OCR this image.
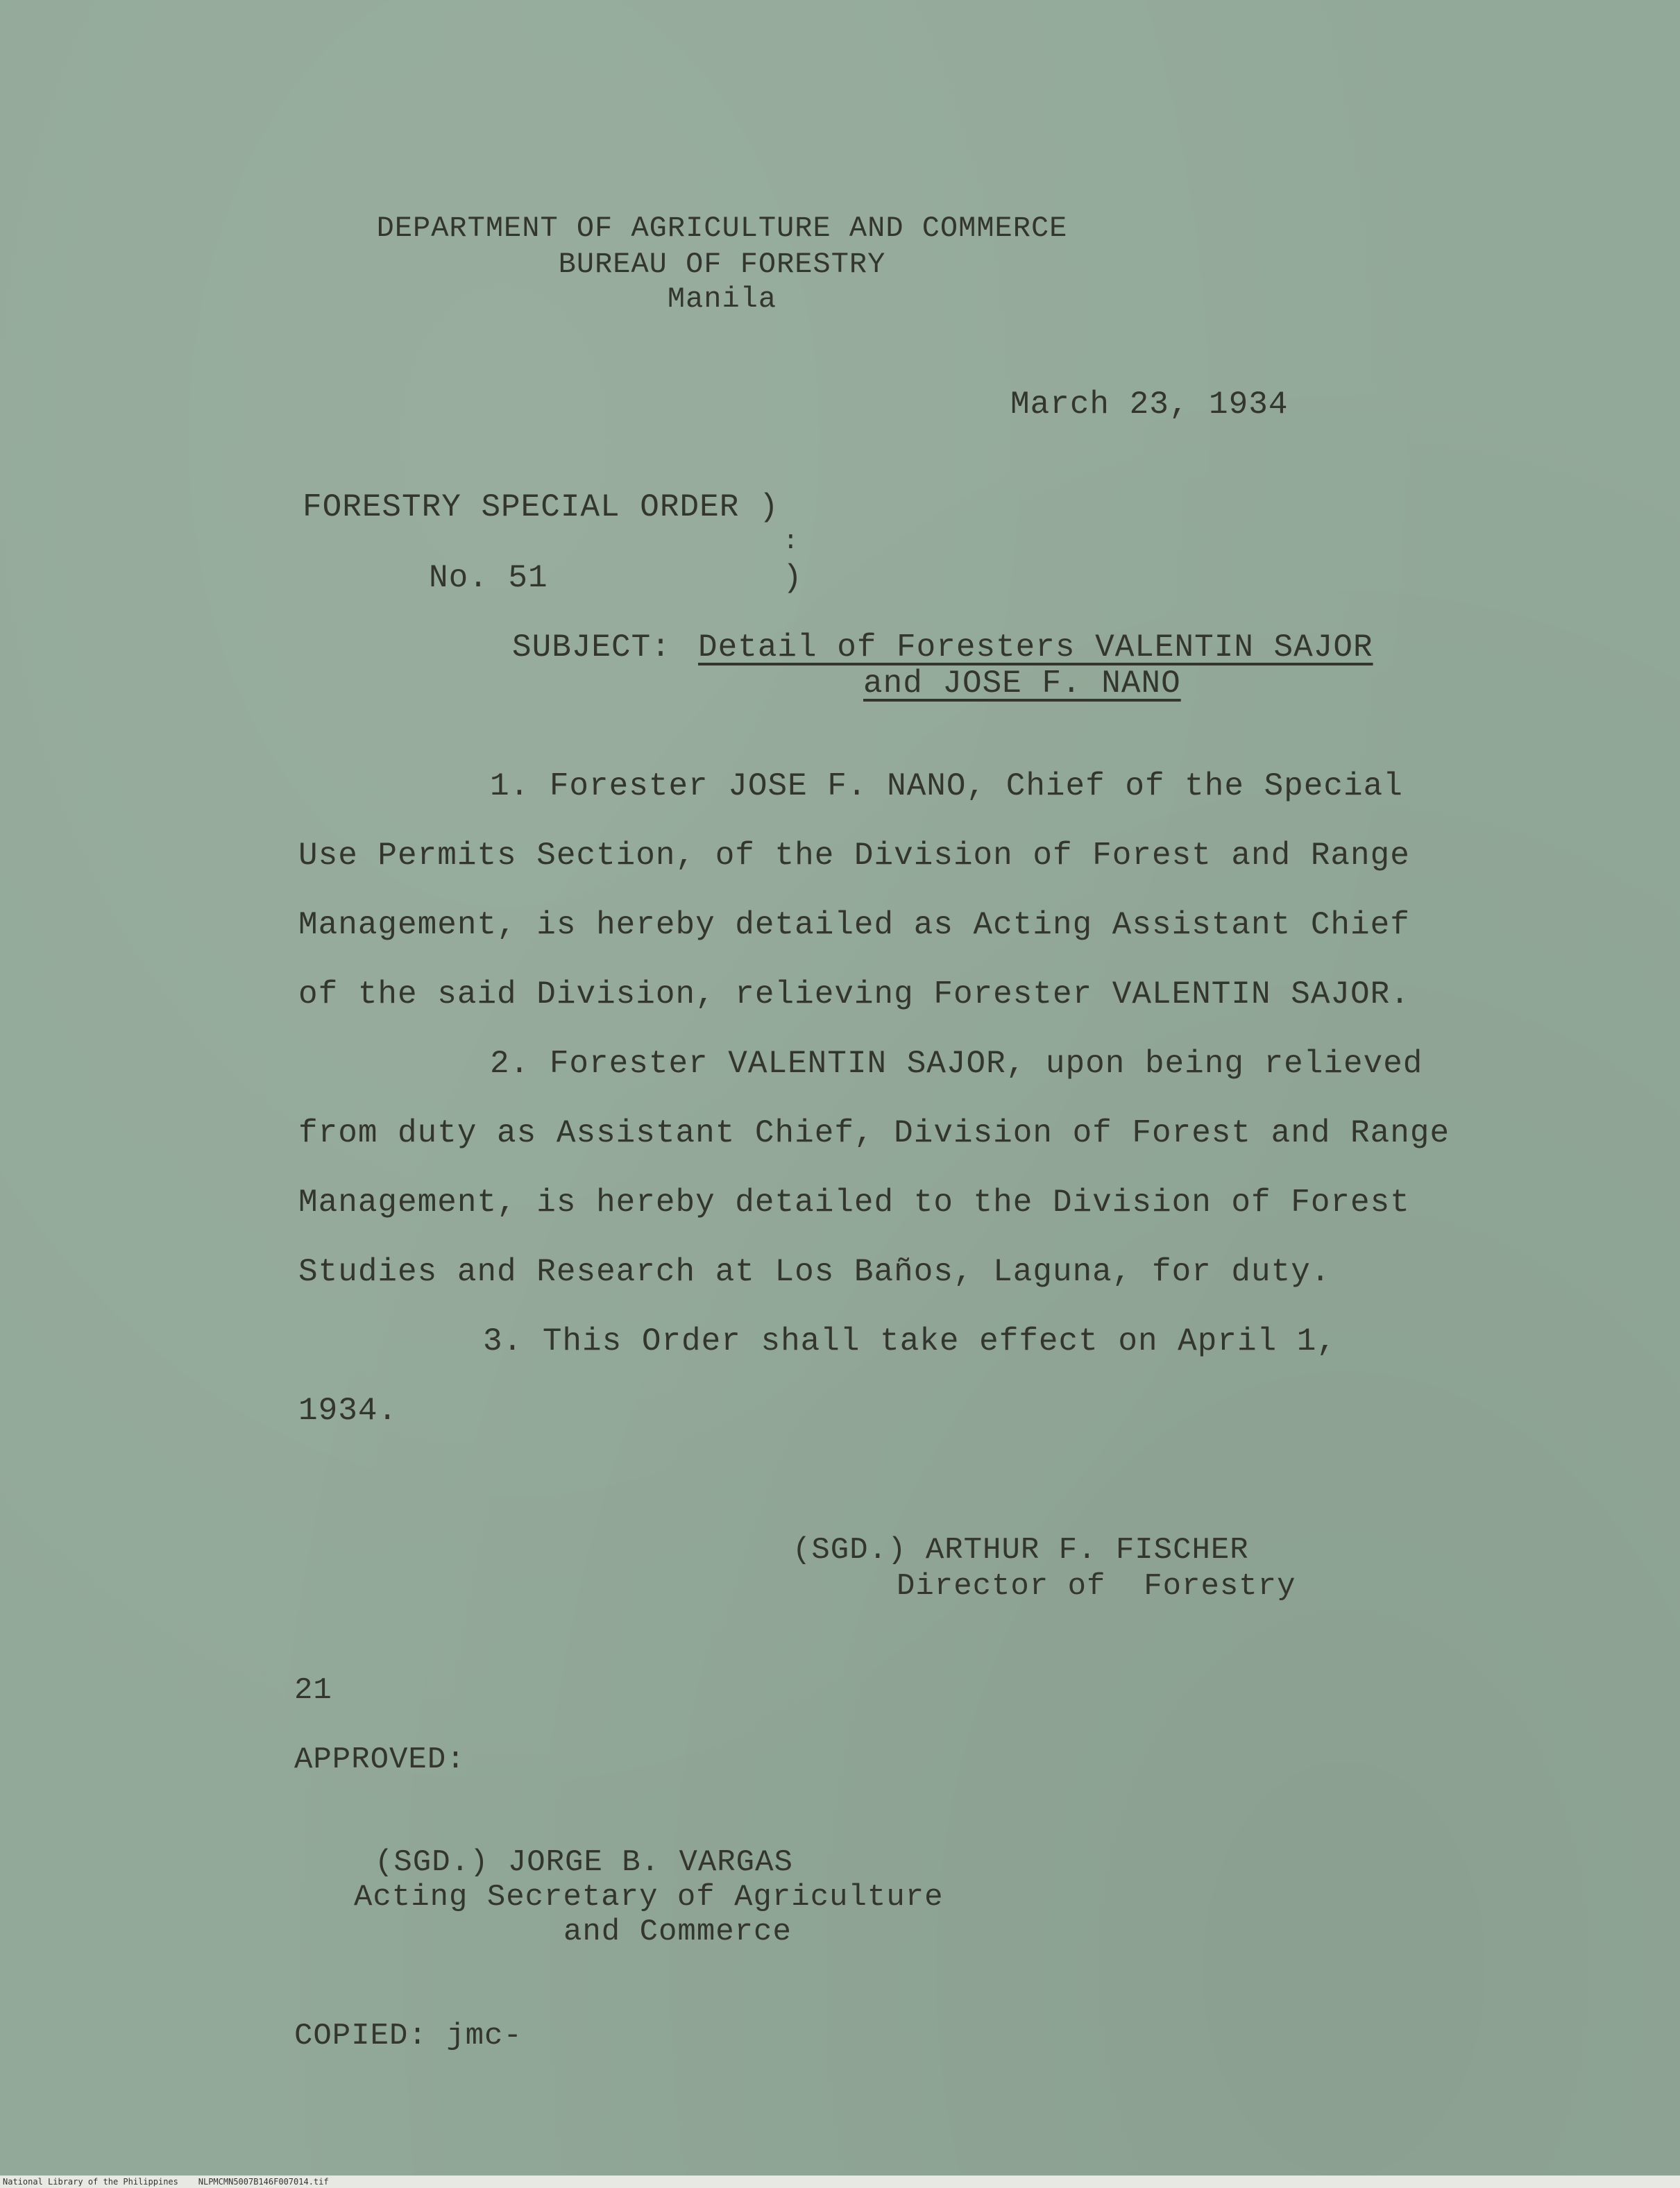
DEPARTMENT OF AGRICULTURE AND COMMERCE
BUREAU OF FORESTRY
Manila
March 23, 1934
FORESTRY SPECIAL ORDER )
:
No. 51	)
SUBJECT: Detail of Foresters VALENTIN SAJOR
and JOSE F. NANO
1. Forester JOSE F. NANO, Chief of the Special
Use Permits Section, of the Division of Forest and Range
Management, is hereby detailed as Acting Assistant Chief
of the said Division, relieving Forester VALENTIN SAJOR.
2. Forester VALENTIN SAJOR, upon being relieved
from duty as Assistant Chief, Division of Forest and Range
Management, is hereby detailed to the Division of Forest
Studies and Research at Los Baños, Laguna, for duty.
3. This Order shall take effect on April 1,
1934.
(SGD.) ARTHUR F. FISCHER
Director of  Forestry
21
APPROVED:
(SGD.) JORGE B. VARGAS
Acting Secretary of Agriculture
and Commerce
COPIED: jmc-
National Library of the Philippines    NLPMCMN5007B146F007014.tif
